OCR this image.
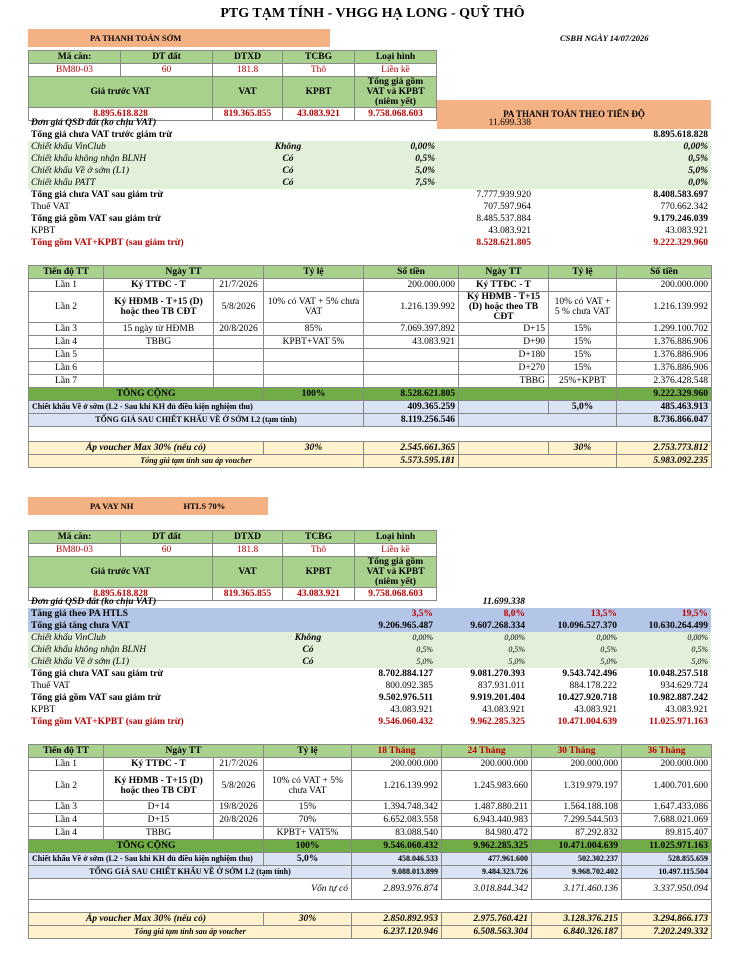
PTG TẠM TÍNH - VHGG HẠ LONG - QUỸ THÔ
CSBH NGÀY 14/07/2026
PA THANH TOÁN SỚM
PA THANH TOÁN THEO TIẾN ĐỘ
Mã căn:	DT đất	DTXD	TCBG	Loại hình
BM80-03	60	181.8	Thô	Liền kề
Giá trước VAT		VAT	KPBT	Tổng giá gồm VAT và KPBT (niêm yết)
8.895.618.828		819.365.855	43.083.921	9.758.068.603
Đơn giá QSD đất (ko chịu VAT)			11.699.338		
Tổng giá chưa VAT trước giảm trừ					8.895.618.828
Chiết khấu VinClub	Không	0,00%			0,00%
Chiết khấu không nhận BLNH	Có	0,5%			0,5%
Chiết khấu Về ở sớm (L1)	Có	5,0%			5,0%
Chiết khấu PATT	Có	7,5%			0,0%
Tổng giá chưa VAT sau giảm trừ			7.777.939.920		8.408.583.697
Thuế VAT			707.597.964		770.662.342
Tổng giá gồm VAT sau giảm trừ			8.485.537.884		9.179.246.039
KPBT			43.083.921		43.083.921
Tổng gồm VAT+KPBT (sau giảm trừ)			8.528.621.805		9.222.329.960
Tiến độ TT	Ngày TT		Tỷ lệ	Số tiền	Ngày TT	Tỷ lệ	Số tiền
Lần 1	Ký TTĐC - T	21/7/2026		200.000.000	Ký TTĐC - T		200.000.000
Lần 2	Ký HĐMB - T+15 (D) hoặc theo TB CĐT	5/8/2026	10% có VAT + 5% chưa VAT	1.216.139.992	Ký HĐMB - T+15 (D) hoặc theo TB CĐT	10% có VAT + 5 % chưa VAT	1.216.139.992
Lần 3	15 ngày từ HĐMB	20/8/2026	85%	7.069.397.892	D+15	15%	1.299.100.702
Lần 4	TBBG		KPBT+VAT 5%	43.083.921	D+90	15%	1.376.886.906
Lần 5					D+180	15%	1.376.886.906
Lần 6					D+270	15%	1.376.886.906
Lần 7					TBBG	25%+KPBT	2.376.428.548
TỔNG CỘNG			100%	8.528.621.805			9.222.329.960
Chiết khấu Về ở sớm (L2 - Sau khi KH đủ điều kiện nghiệm thu)				409.365.259		5,0%	485.463.913
TỔNG GIÁ SAU CHIẾT KHẤU VỀ Ở SỚM L2 (tạm tính)				8.119.256.546			8.736.866.047

Áp voucher Max 30% (nếu có)			30%	2.545.661.365		30%	2.753.773.812
Tổng giá tạm tính sau áp voucher				5.573.595.181			5.983.092.235
PA VAY NH	HTLS 70%
Mã căn:	DT đất	DTXD	TCBG	Loại hình
BM80-03	60	181.8	Thô	Liền kề
Giá trước VAT		VAT	KPBT	Tổng giá gồm VAT và KPBT (niêm yết)
8.895.618.828		819.365.855	43.083.921	9.758.068.603
Đơn giá QSD đất (ko chịu VAT)			11.699.338		
Tăng giá theo PA HTLS		3,5%	8,0%	13,5%	19,5%
Tổng giá tăng chưa VAT		9.206.965.487	9.607.268.334	10.096.527.370	10.630.264.499
Chiết khấu VinClub	Không	0,00%	0,00%	0,00%	0,00%
Chiết khấu không nhận BLNH	Có	0,5%	0,5%	0,5%	0,5%
Chiết khấu Về ở sớm (L1)	Có	5,0%	5,0%	5,0%	5,0%
Tổng giá chưa VAT sau giảm trừ		8.702.884.127	9.081.270.393	9.543.742.496	10.048.257.518
Thuế VAT		800.092.385	837.931.011	884.178.222	934.629.724
Tổng giá gồm VAT sau giảm trừ		9.502.976.511	9.919.201.404	10.427.920.718	10.982.887.242
KPBT		43.083.921	43.083.921	43.083.921	43.083.921
Tổng gồm VAT+KPBT (sau giảm trừ)		9.546.060.432	9.962.285.325	10.471.004.639	11.025.971.163
Tiến độ TT	Ngày TT		Tỷ lệ	18 Tháng	24 Tháng	30 Tháng	36 Tháng
Lần 1	Ký TTĐC - T	21/7/2026		200.000.000	200.000.000	200.000.000	200.000.000
Lần 2	Ký HĐMB - T+15 (D) hoặc theo TB CĐT	5/8/2026	10% có VAT + 5% chưa VAT	1.216.139.992	1.245.983.660	1.319.979.197	1.400.701.600
Lần 3	D+14	19/8/2026	15%	1.394.748.342	1.487.880.211	1.564.188.108	1.647.433.086
Lần 4	D+15	20/8/2026	70%	6.652.083.558	6.943.440.983	7.299.544.503	7.688.021.069
Lần 4	TBBG		KPBT+ VAT5%	83.088.540	84.980.472	87.292.832	89.815.407
TỔNG CỘNG			100%	9.546.060.432	9.962.285.325	10.471.004.639	11.025.971.163
Chiết khấu Về ở sớm (L2 - Sau khi KH đủ điều kiện nghiệm thu)			5,0%	458.046.533	477.961.600	502.302.237	528.855.659
TỔNG GIÁ SAU CHIẾT KHẤU VỀ Ở SỚM L2 (tạm tính)				9.088.013.899	9.484.323.726	9.968.702.402	10.497.115.504
Vốn tự có				2.893.976.874	3.018.844.342	3.171.460.136	3.337.950.094

Áp voucher Max 30% (nếu có)			30%	2.850.892.953	2.975.760.421	3.128.376.215	3.294.866.173
Tổng giá tạm tính sau áp voucher				6.237.120.946	6.508.563.304	6.840.326.187	7.202.249.332
